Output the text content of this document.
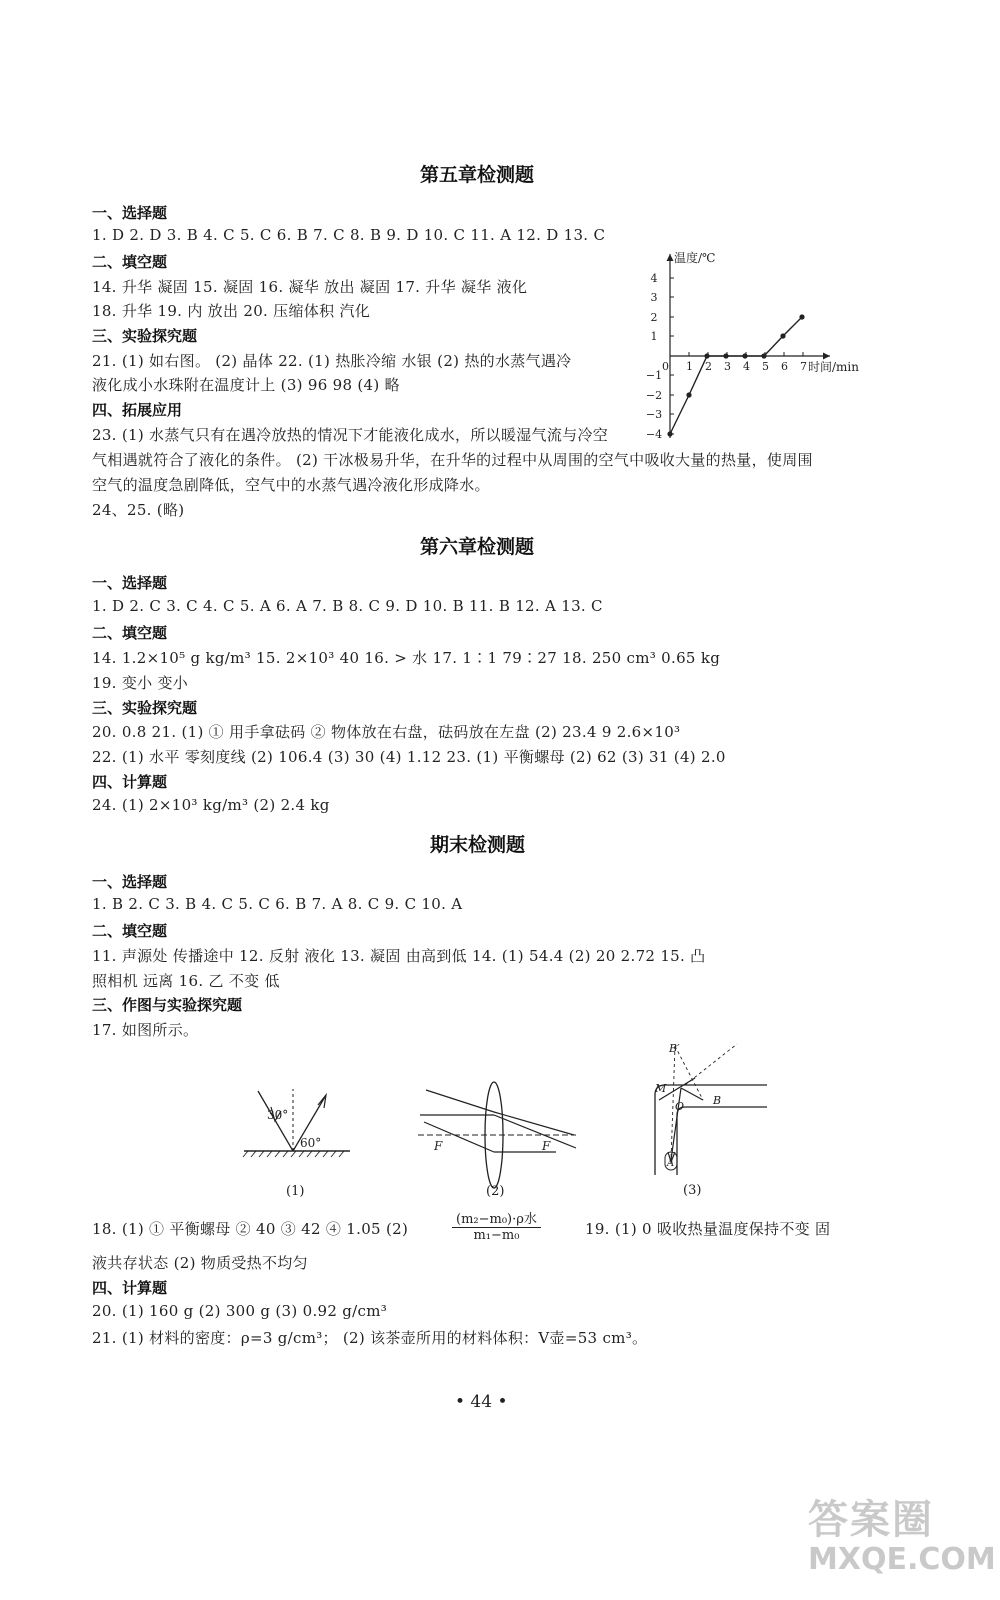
第五章检测题
一、选择题
1. D 2. D 3. B 4. C 5. C 6. B 7. C 8. B 9. D 10. C 11. A 12. D 13. C
二、填空题
14. 升华 凝固 15. 凝固 16. 凝华 放出 凝固 17. 升华 凝华 液化
18. 升华 19. 内 放出 20. 压缩体积 汽化
三、实验探究题
21. (1) 如右图。 (2) 晶体 22. (1) 热胀冷缩 水银 (2) 热的水蒸气遇冷
液化成小水珠附在温度计上 (3) 96 98 (4) 略
四、拓展应用
23. (1) 水蒸气只有在遇冷放热的情况下才能液化成水，所以暖湿气流与冷空
气相遇就符合了液化的条件。 (2) 干冰极易升华，在升华的过程中从周围的空气中吸收大量的热量，使周围
空气的温度急剧降低，空气中的水蒸气遇冷液化形成降水。
24、25. (略)
温度/℃
时间/min
0 1 2 3 4 5 6 7
4
3
2
1
−1
−2
−3
−4
第六章检测题
一、选择题
1. D 2. C 3. C 4. C 5. A 6. A 7. B 8. C 9. D 10. B 11. B 12. A 13. C
二、填空题
14. 1.2×10⁵ g kg/m³ 15. 2×10³ 40 16. > 水 17. 1∶1 79∶27 18. 250 cm³ 0.65 kg
19. 变小 变小
三、实验探究题
20. 0.8 21. (1) ① 用手拿砝码 ② 物体放在右盘，砝码放在左盘 (2) 23.4 9 2.6×10³
22. (1) 水平 零刻度线 (2) 106.4 (3) 30 (4) 1.12 23. (1) 平衡螺母 (2) 62 (3) 31 (4) 2.0
四、计算题
24. (1) 2×10³ kg/m³ (2) 2.4 kg
期末检测题
一、选择题
1. B 2. C 3. B 4. C 5. C 6. B 7. A 8. C 9. C 10. A
二、填空题
11. 声源处 传播途中 12. 反射 液化 13. 凝固 由高到低 14. (1) 54.4 (2) 20 2.72 15. 凸
照相机 远离 16. 乙 不变 低
三、作图与实验探究题
17. 如图所示。
30°
60°
(1)
F	F
(2)
B′
M
O	B
A
(3)
18. (1) ① 平衡螺母 ② 40 ③ 42 ④ 1.05 (2)
(m₂−m₀)·ρ水
m₁−m₀	19. (1) 0 吸收热量温度保持不变 固
液共存状态 (2) 物质受热不均匀
四、计算题
20. (1) 160 g (2) 300 g (3) 0.92 g/cm³
21. (1) 材料的密度：ρ=3 g/cm³； (2) 该茶壶所用的材料体积：V壶=53 cm³。
• 44 •
答案圈
MXQE.COM
